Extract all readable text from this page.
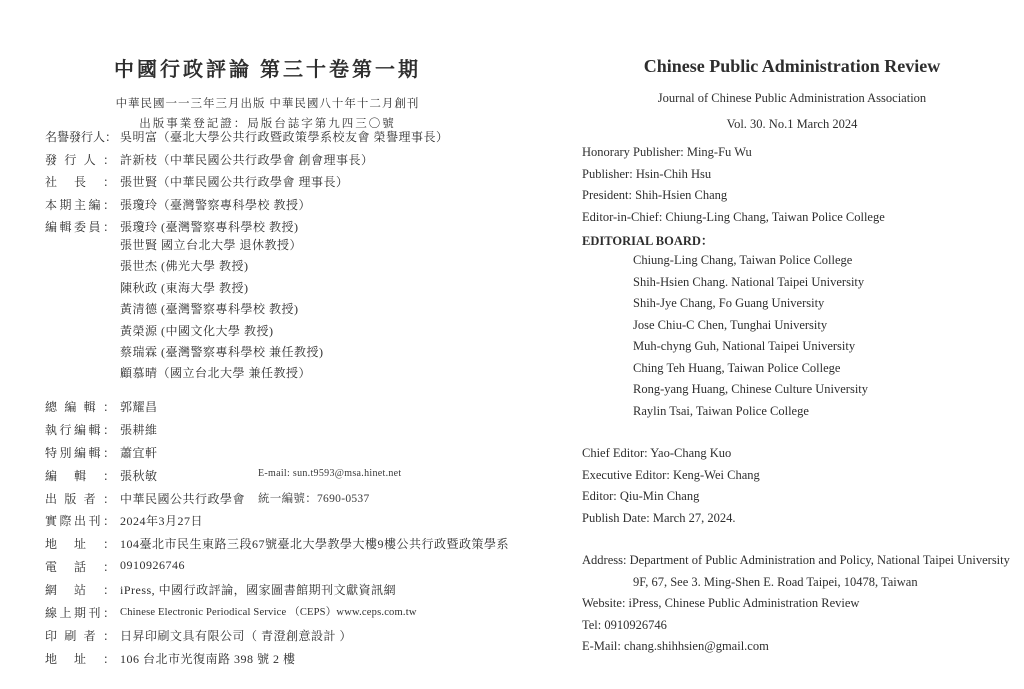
中國行政評論 第三十卷第一期
中華民國一一三年三月出版 中華民國八十年十二月創刊
出版事業登記證：局版台誌字第九四三〇號
名譽發行人： 吳明富（臺北大學公共行政暨政策學系校友會 榮譽理事長）
發行人： 許新枝（中華民國公共行政學會 創會理事長）
社長： 張世賢（中華民國公共行政學會 理事長）
本期主編： 張瓊玲（臺灣警察專科學校 教授）
編輯委員： 張瓊玲 (臺灣警察專科學校 教授)
張世賢 國立台北大學 退休教授）
張世杰 (佛光大學 教授)
陳秋政 (東海大學 教授)
黃清德 (臺灣警察專科學校 教授)
黃榮源 (中國文化大學 教授)
蔡瑞霖 (臺灣警察專科學校 兼任教授)
顧慕晴（國立台北大學 兼任教授）
總編輯： 郭耀昌
執行編輯： 張耕維
特別編輯： 蕭宜軒
編輯： 張秋敏	E-mail: sun.t9593@msa.hinet.net
出版者： 中華民國公共行政學會 統一編號：7690-0537
實際出刊： 2024年3月27日
地址： 104臺北市民生東路三段67號臺北大學教學大樓9樓公共行政暨政策學系
電話： 0910926746
網站： iPress, 中國行政評論，國家圖書館期刊文獻資訊網
線上期刊： Chinese Electronic Periodical Service （CEPS）www.ceps.com.tw
印刷者： 日昇印刷文具有限公司（ 青澄創意設計 ）
地址： 106 台北市光復南路 398 號 2 樓
Chinese Public Administration Review
Journal of Chinese Public Administration Association
Vol. 30. No.1 March 2024
Honorary Publisher: Ming-Fu Wu
Publisher: Hsin-Chih Hsu
President: Shih-Hsien Chang
Editor-in-Chief: Chiung-Ling Chang, Taiwan Police College
EDITORIAL BOARD：
Chiung-Ling Chang, Taiwan Police College
Shih-Hsien Chang. National Taipei University
Shih-Jye Chang, Fo Guang University
Jose Chiu-C Chen, Tunghai University
Muh-chyng Guh, National Taipei University
Ching Teh Huang, Taiwan Police College
Rong-yang Huang, Chinese Culture University
Raylin Tsai, Taiwan Police College
Chief Editor: Yao-Chang Kuo
Executive Editor: Keng-Wei Chang
Editor: Qiu-Min Chang
Publish Date: March 27, 2024.
Address: Department of Public Administration and Policy, National Taipei University
9F, 67, See 3. Ming-Shen E. Road Taipei, 10478, Taiwan
Website: iPress, Chinese Public Administration Review
Tel: 0910926746
E-Mail: chang.shihhsien@gmail.com
